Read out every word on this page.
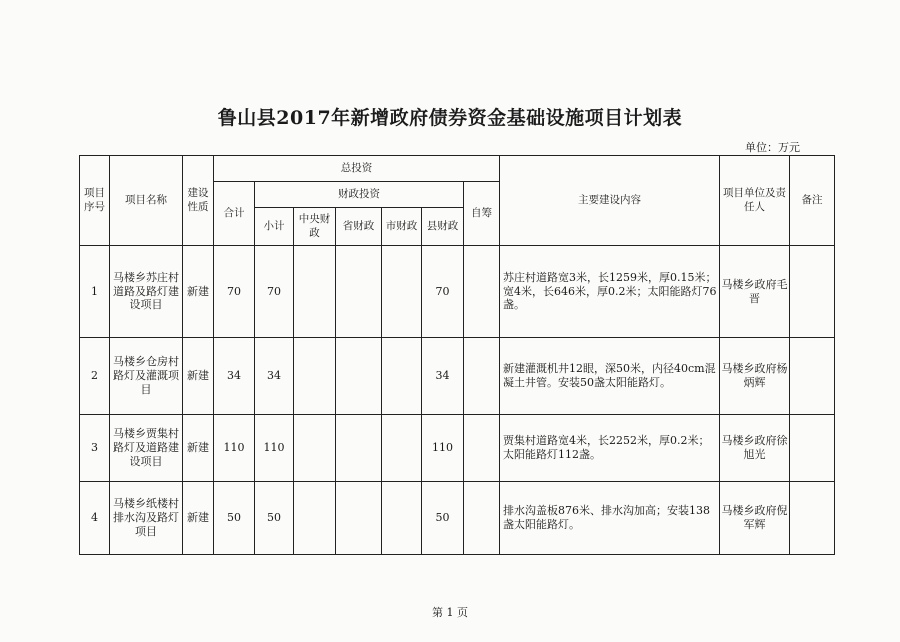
鲁山县2017年新增政府债券资金基础设施项目计划表
单位：万元
项目序号	项目名称	建设性质	总投资							主要建设内容	项目单位及责任人	备注
			合计	财政投资					自筹			
				小计	中央财政	省财政	市财政	县财政				
1	马楼乡苏庄村道路及路灯建设项目	新建	70	70				70		苏庄村道路宽3米，长1259米，厚0.15米；宽4米，长646米，厚0.2米；太阳能路灯76盏。	马楼乡政府毛晋	
2	马楼乡仓房村路灯及灌溉项目	新建	34	34				34		新建灌溉机井12眼，深50米，内径40cm混凝土井管。安装50盏太阳能路灯。	马楼乡政府杨炳辉	
3	马楼乡贾集村路灯及道路建设项目	新建	110	110				110		贾集村道路宽4米，长2252米，厚0.2米；太阳能路灯112盏。	马楼乡政府徐旭光	
4	马楼乡纸楼村排水沟及路灯项目	新建	50	50				50		排水沟盖板876米、排水沟加高；安装138盏太阳能路灯。	马楼乡政府倪军辉	
第 1 页
